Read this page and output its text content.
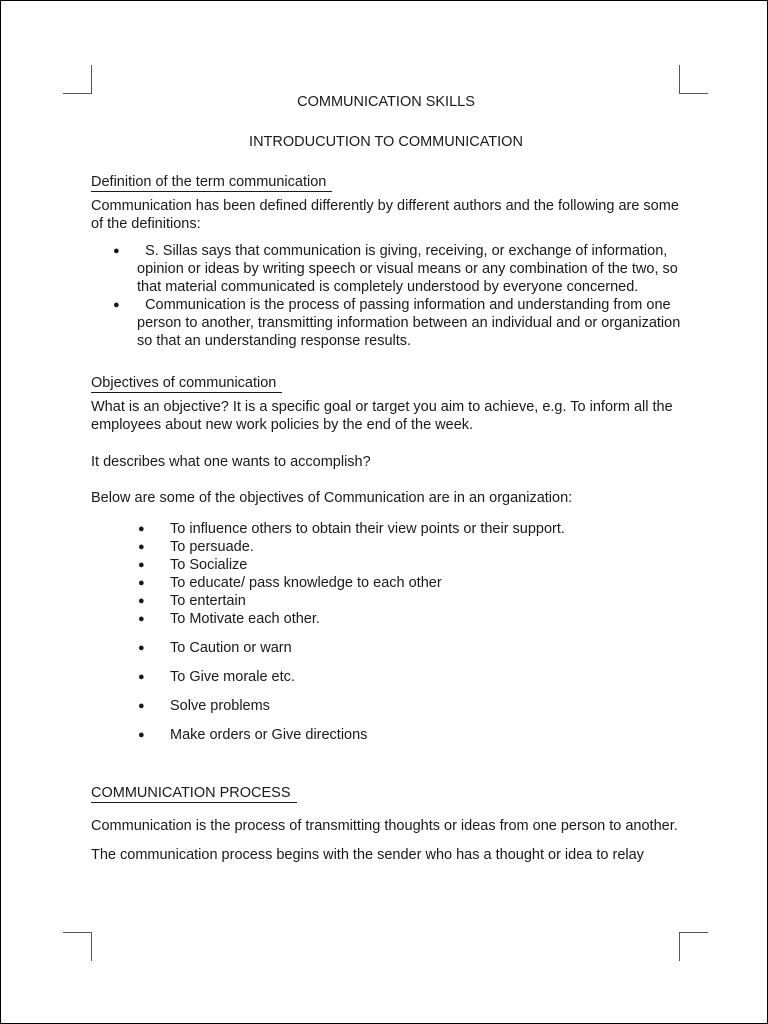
COMMUNICATION SKILLS

INTRODUCUTION TO COMMUNICATION

Definition of the term communication

Communication has been defined differently by different authors and the following are some of the definitions:

● S. Sillas says that communication is giving, receiving, or exchange of information, opinion or ideas by writing speech or visual means or any combination of the two, so that material communicated is completely understood by everyone concerned.
● Communication is the process of passing information and understanding from one person to another, transmitting information between an individual and or organization so that an understanding response results.
Objectives of communication

What is an objective? It is a specific goal or target you aim to achieve, e.g. To inform all the employees about new work policies by the end of the week.

It describes what one wants to accomplish?

Below are some of the objectives of Communication are in an organization:

● To influence others to obtain their view points or their support.
● To persuade.
● To Socialize
● To educate/ pass knowledge to each other
● To entertain
● To Motivate each other.
● To Caution or warn
● To Give morale etc.
● Solve problems
● Make orders or Give directions
COMMUNICATION PROCESS

Communication is the process of transmitting thoughts or ideas from one person to another.

The communication process begins with the sender who has a thought or idea to relay
